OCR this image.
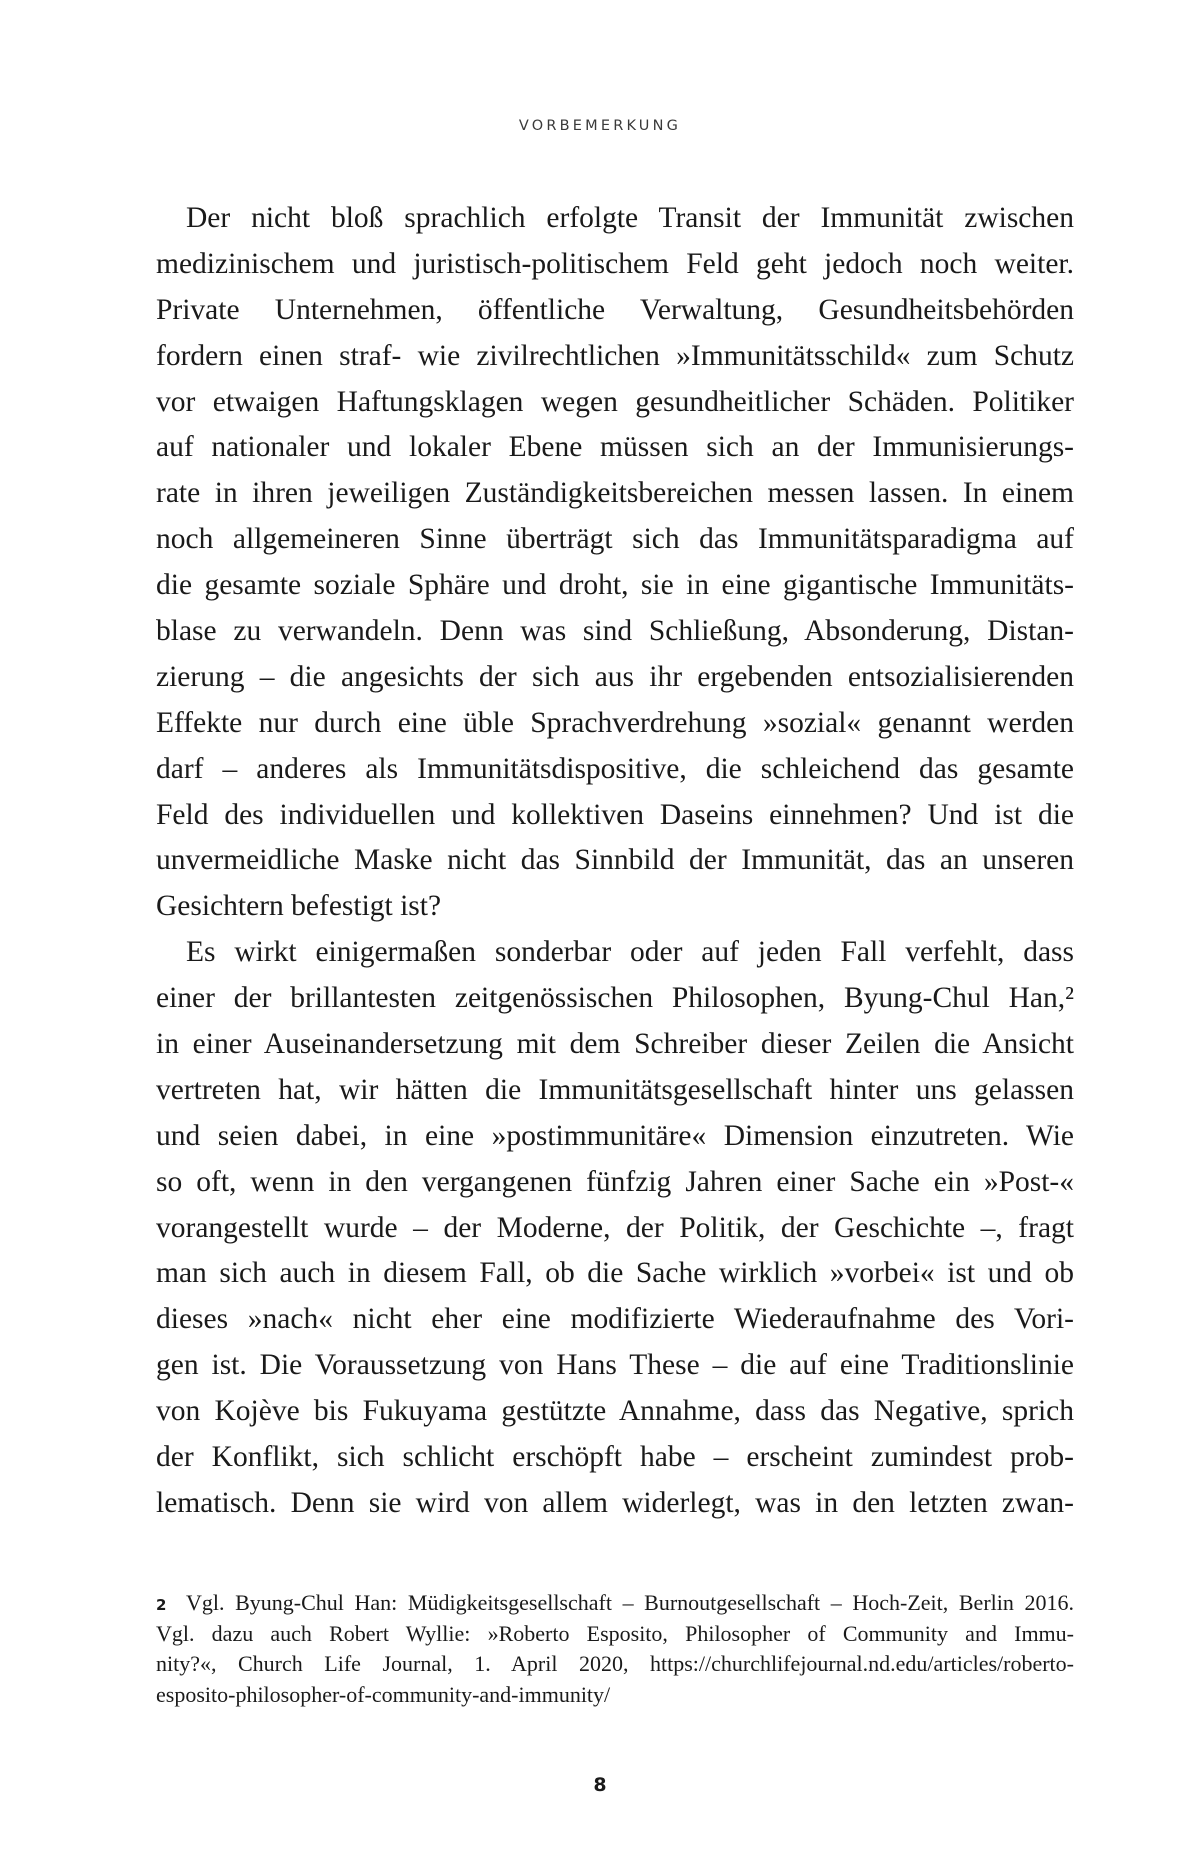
VORBEMERKUNG
Der nicht bloß sprachlich erfolgte Transit der Immunität zwischen
medizinischem und juristisch-politischem Feld geht jedoch noch weiter.
Private Unternehmen, öffentliche Verwaltung, Gesundheitsbehörden
fordern einen straf- wie zivilrechtlichen »Immunitätsschild« zum Schutz
vor etwaigen Haftungsklagen wegen gesundheitlicher Schäden. Politiker
auf nationaler und lokaler Ebene müssen sich an der Immunisierungs-
rate in ihren jeweiligen Zuständigkeitsbereichen messen lassen. In einem
noch allgemeineren Sinne überträgt sich das Immunitätsparadigma auf
die gesamte soziale Sphäre und droht, sie in eine gigantische Immunitäts-
blase zu verwandeln. Denn was sind Schließung, Absonderung, Distan-
zierung – die angesichts der sich aus ihr ergebenden entsozialisierenden
Effekte nur durch eine üble Sprachverdrehung »sozial« genannt werden
darf – anderes als Immunitätsdispositive, die schleichend das gesamte
Feld des individuellen und kollektiven Daseins einnehmen? Und ist die
unvermeidliche Maske nicht das Sinnbild der Immunität, das an unseren
Gesichtern befestigt ist?
Es wirkt einigermaßen sonderbar oder auf jeden Fall verfehlt, dass
einer der brillantesten zeitgenössischen Philosophen, Byung-Chul Han,²
in einer Auseinandersetzung mit dem Schreiber dieser Zeilen die Ansicht
vertreten hat, wir hätten die Immunitätsgesellschaft hinter uns gelassen
und seien dabei, in eine »postimmunitäre« Dimension einzutreten. Wie
so oft, wenn in den vergangenen fünfzig Jahren einer Sache ein »Post-«
vorangestellt wurde – der Moderne, der Politik, der Geschichte –, fragt
man sich auch in diesem Fall, ob die Sache wirklich »vorbei« ist und ob
dieses »nach« nicht eher eine modifizierte Wiederaufnahme des Vori-
gen ist. Die Voraussetzung von Hans These – die auf eine Traditionslinie
von Kojève bis Fukuyama gestützte Annahme, dass das Negative, sprich
der Konflikt, sich schlicht erschöpft habe – erscheint zumindest prob-
lematisch. Denn sie wird von allem widerlegt, was in den letzten zwan-
2 Vgl. Byung-Chul Han: Müdigkeitsgesellschaft – Burnoutgesellschaft – Hoch-Zeit, Berlin 2016.
Vgl. dazu auch Robert Wyllie: »Roberto Esposito, Philosopher of Community and Immu-
nity?«, Church Life Journal, 1. April 2020, https://churchlifejournal.nd.edu/articles/roberto-
esposito-philosopher-of-community-and-immunity/
8
